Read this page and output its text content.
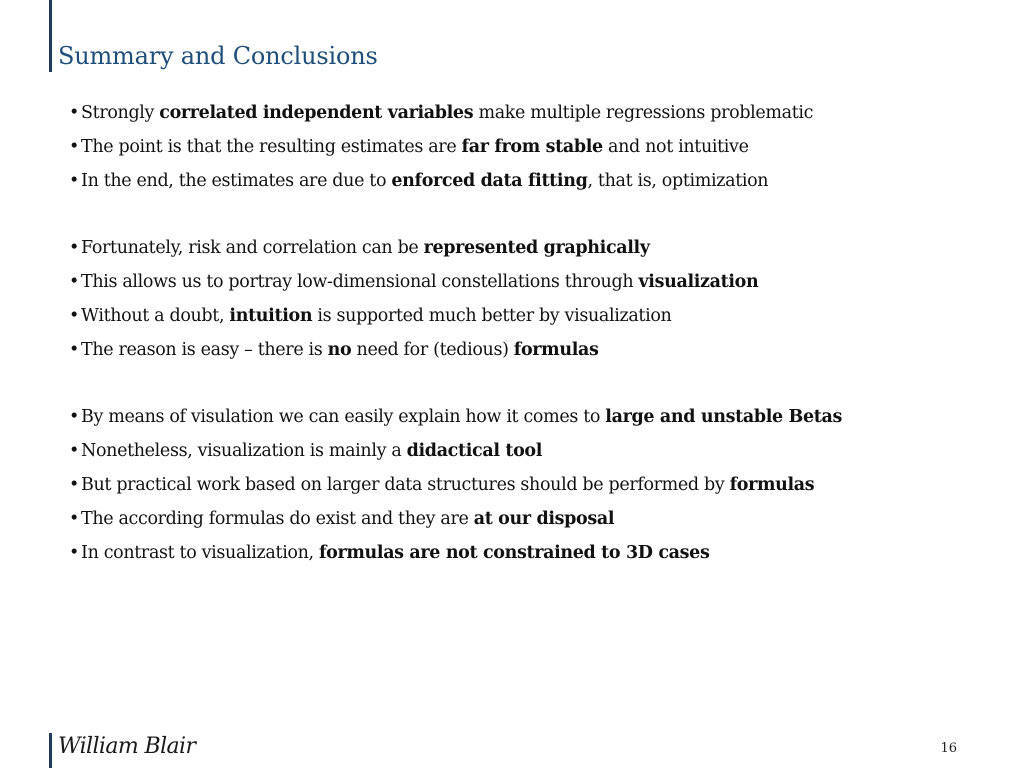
Summary and Conclusions
• Strongly correlated independent variables make multiple regressions problematic
• The point is that the resulting estimates are far from stable and not intuitive
• In the end, the estimates are due to enforced data fitting, that is, optimization
• Fortunately, risk and correlation can be represented graphically
• This allows us to portray low-dimensional constellations through visualization
• Without a doubt, intuition is supported much better by visualization
• The reason is easy – there is no need for (tedious) formulas
• By means of visulation we can easily explain how it comes to large and unstable Betas
• Nonetheless, visualization is mainly a didactical tool
• But practical work based on larger data structures should be performed by formulas
• The according formulas do exist and they are at our disposal
• In contrast to visualization, formulas are not constrained to 3D cases
William Blair	16
